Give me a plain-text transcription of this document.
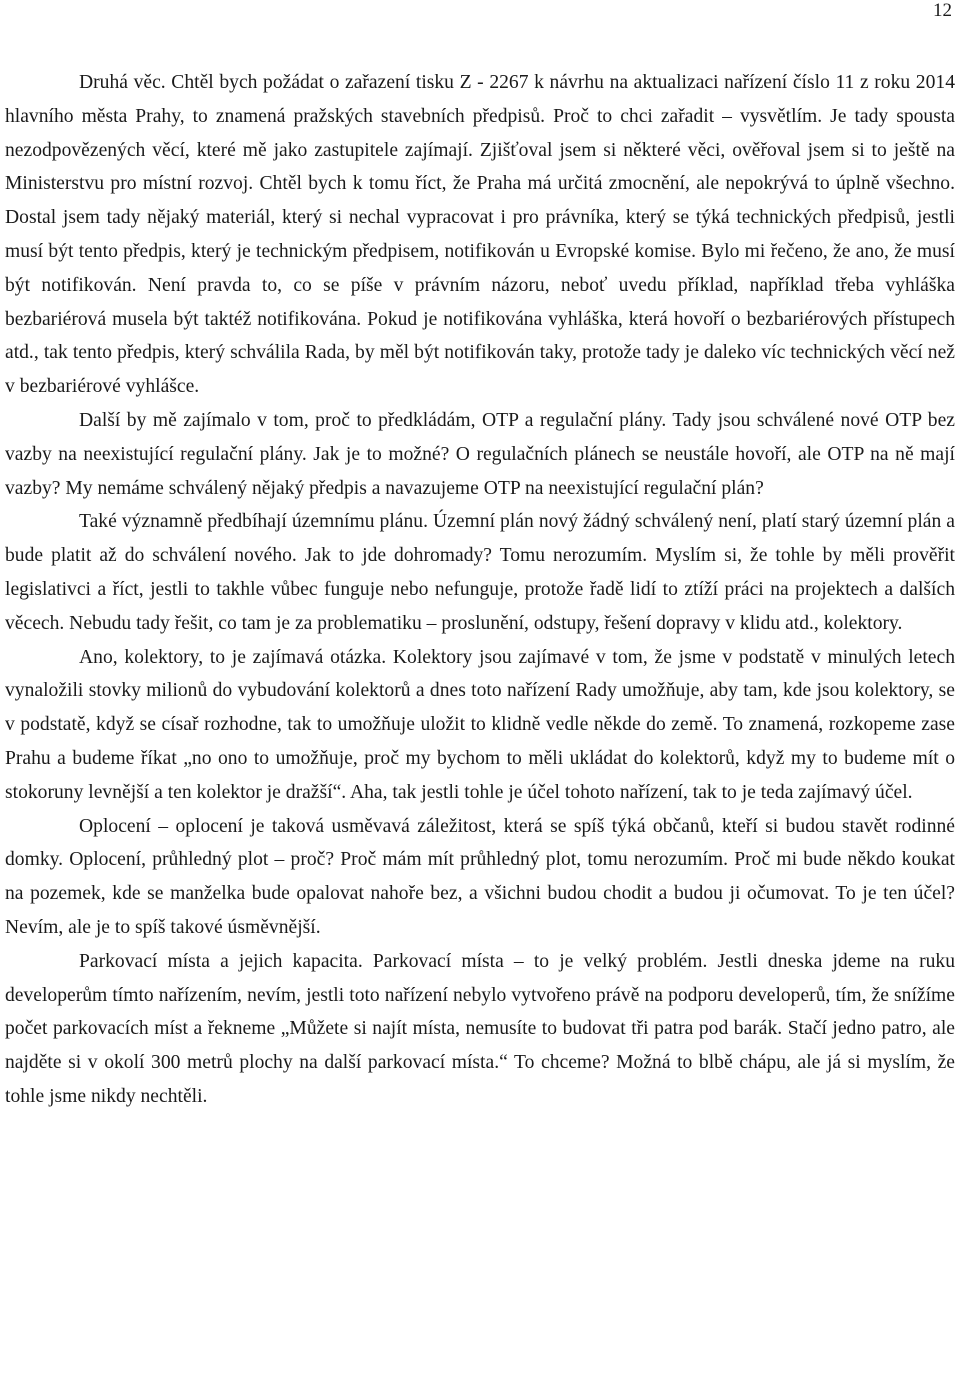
12

Druhá věc. Chtěl bych požádat o zařazení tisku Z - 2267 k návrhu na aktualizaci nařízení číslo 11 z roku 2014 hlavního města Prahy, to znamená pražských stavebních předpisů. Proč to chci zařadit – vysvětlím. Je tady spousta nezodpovězených věcí, které mě jako zastupitele zajímají. Zjišťoval jsem si některé věci, ověřoval jsem si to ještě na Ministerstvu pro místní rozvoj. Chtěl bych k tomu říct, že Praha má určitá zmocnění, ale nepokrývá to úplně všechno. Dostal jsem tady nějaký materiál, který si nechal vypracovat i pro právníka, který se týká technických předpisů, jestli musí být tento předpis, který je technickým předpisem, notifikován u Evropské komise. Bylo mi řečeno, že ano, že musí být notifikován. Není pravda to, co se píše v právním názoru, neboť uvedu příklad, například třeba vyhláška bezbariérová musela být taktéž notifikována. Pokud je notifikována vyhláška, která hovoří o bezbariérových přístupech atd., tak tento předpis, který schválila Rada, by měl být notifikován taky, protože tady je daleko víc technických věcí než v bezbariérové vyhlášce.

Další by mě zajímalo v tom, proč to předkládám, OTP a regulační plány. Tady jsou schválené nové OTP bez vazby na neexistující regulační plány. Jak je to možné? O regulačních plánech se neustále hovoří, ale OTP na ně mají vazby? My nemáme schválený nějaký předpis a navazujeme OTP na neexistující regulační plán?

Také významně předbíhají územnímu plánu. Územní plán nový žádný schválený není, platí starý územní plán a bude platit až do schválení nového. Jak to jde dohromady? Tomu nerozumím. Myslím si, že tohle by měli prověřit legislativci a říct, jestli to takhle vůbec funguje nebo nefunguje, protože řadě lidí to ztíží práci na projektech a dalších věcech. Nebudu tady řešit, co tam je za problematiku – proslunění, odstupy, řešení dopravy v klidu atd., kolektory.

Ano, kolektory, to je zajímavá otázka. Kolektory jsou zajímavé v tom, že jsme v podstatě v minulých letech vynaložili stovky milionů do vybudování kolektorů a dnes toto nařízení Rady umožňuje, aby tam, kde jsou kolektory, se v podstatě, když se císař rozhodne, tak to umožňuje uložit to klidně vedle někde do země. To znamená, rozkopeme zase Prahu a budeme říkat „no ono to umožňuje, proč my bychom to měli ukládat do kolektorů, když my to budeme mít o stokoruny levnější a ten kolektor je dražší“. Aha, tak jestli tohle je účel tohoto nařízení, tak to je teda zajímavý účel.

Oplocení – oplocení je taková usměvavá záležitost, která se spíš týká občanů, kteří si budou stavět rodinné domky. Oplocení, průhledný plot – proč? Proč mám mít průhledný plot, tomu nerozumím. Proč mi bude někdo koukat na pozemek, kde se manželka bude opalovat nahoře bez, a všichni budou chodit a budou ji očumovat. To je ten účel? Nevím, ale je to spíš takové úsměvnější.

Parkovací místa a jejich kapacita. Parkovací místa – to je velký problém. Jestli dneska jdeme na ruku developerům tímto nařízením, nevím, jestli toto nařízení nebylo vytvořeno právě na podporu developerů, tím, že snížíme počet parkovacích míst a řekneme „Můžete si najít místa, nemusíte to budovat tři patra pod barák. Stačí jedno patro, ale najděte si v okolí 300 metrů plochy na další parkovací místa.“ To chceme? Možná to blbě chápu, ale já si myslím, že tohle jsme nikdy nechtěli.
